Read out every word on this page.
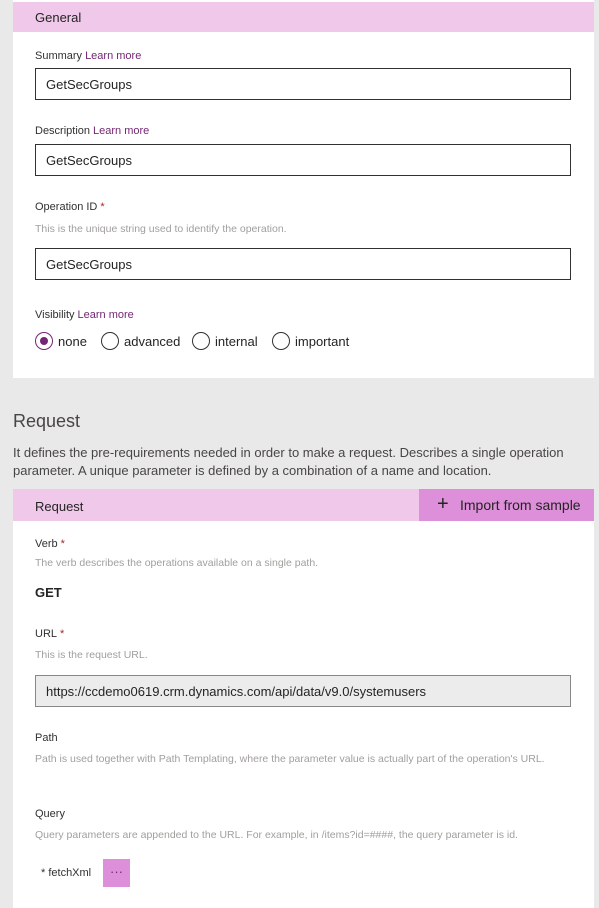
General
Summary Learn more
GetSecGroups
Description Learn more
GetSecGroups
Operation ID *
This is the unique string used to identify the operation.
GetSecGroups
Visibility Learn more
none	advanced	internal	important
Request
It defines the pre-requirements needed in order to make a request. Describes a single operation parameter. A unique parameter is defined by a combination of a name and location.
Request	+ Import from sample
Verb *
The verb describes the operations available on a single path.
GET
URL *
This is the request URL.
https://ccdemo0619.crm.dynamics.com/api/data/v9.0/systemusers
Path
Path is used together with Path Templating, where the parameter value is actually part of the operation's URL.
Query
Query parameters are appended to the URL. For example, in /items?id=####, the query parameter is id.
* fetchXml	···
